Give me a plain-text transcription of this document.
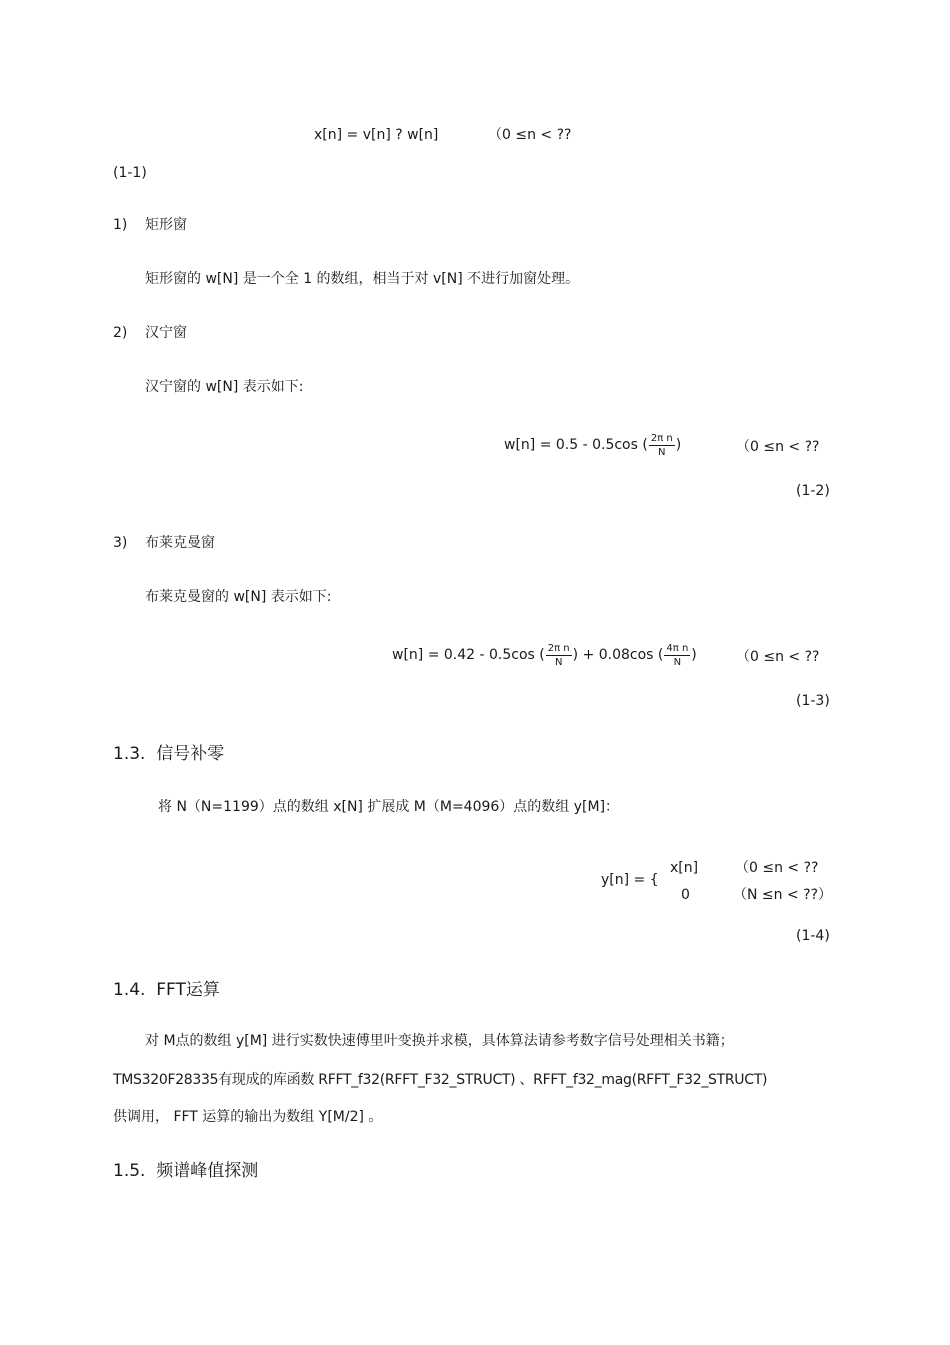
x[n] = v[n] ? w[n]	（0 ≤n < ??
(1-1)
1) 矩形窗
矩形窗的 w[N] 是一个全 1 的数组，相当于对 v[N] 不进行加窗处理。
2) 汉宁窗
汉宁窗的 w[N] 表示如下:
w[n] = 0.5 - 0.5cos ( $\frac{\text{2π n}}{N}$ )	（0 ≤n < ??
(1-2)
3) 布莱克曼窗
布莱克曼窗的 w[N] 表示如下:
w[n] = 0.42 - 0.5cos ( $\frac{\text{2π n}}{N}$ ) + 0.08cos ( $\frac{\text{4π n}}{N}$ )	（0 ≤n < ??
(1-3)
1.3. 信号补零
将 N（N=1199）点的数组 x[N] 扩展成 M（M=4096）点的数组 y[M]：
y[n] = {
x[n]	（0 ≤n < ??
0	（N ≤n < ??）
(1-4)
1.4. FFT运算
对 M点的数组 y[M] 进行实数快速傅里叶变换并求模，具体算法请参考数字信号处理相关书籍；
TMS320F28335有现成的库函数 RFFT_f32(RFFT_F32_STRUCT) 、RFFT_f32_mag(RFFT_F32_STRUCT)
供调用， FFT 运算的输出为数组 Y[M/2] 。
1.5. 频谱峰值探测
